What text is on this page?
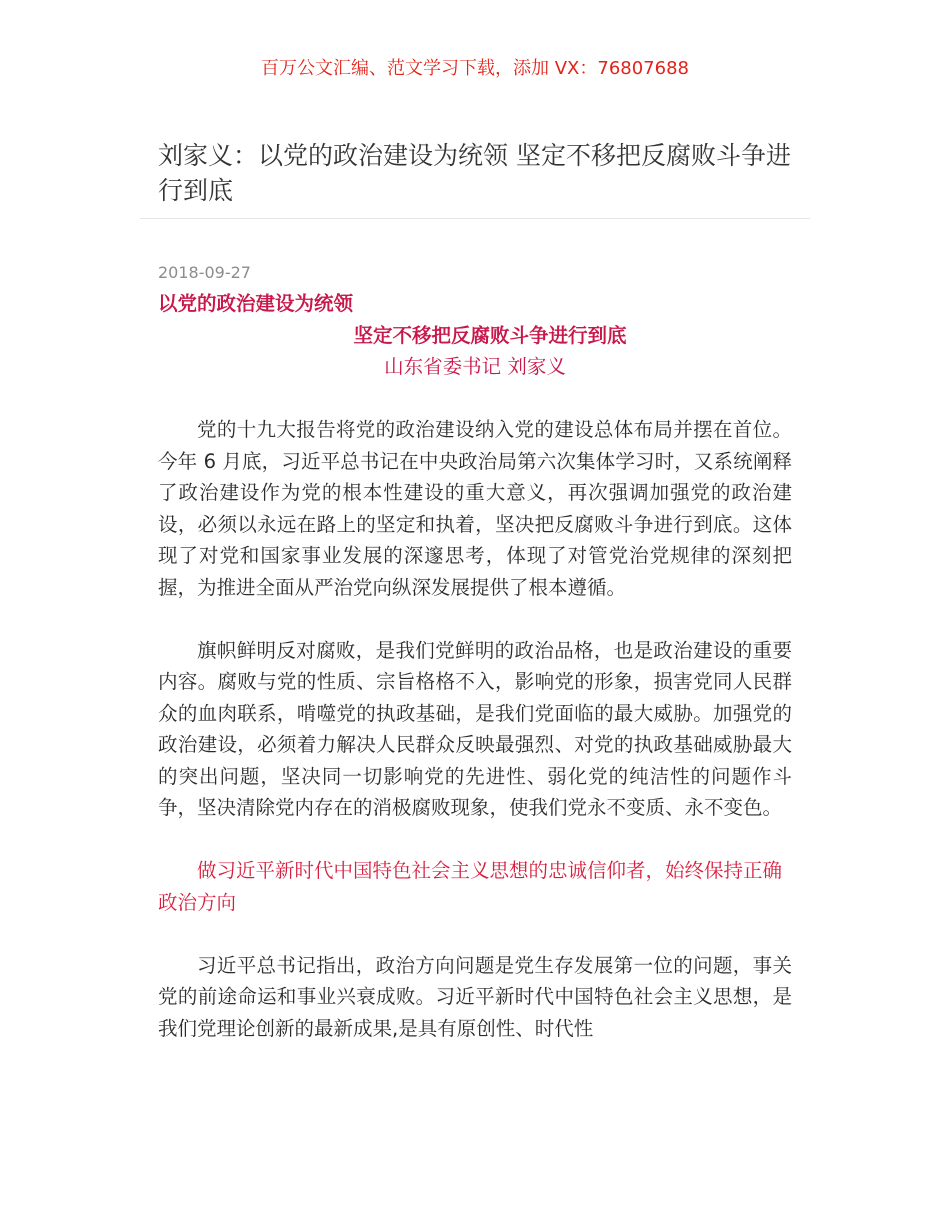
百万公文汇编、范文学习下载，添加 VX：76807688
刘家义：以党的政治建设为统领 坚定不移把反腐败斗争进行到底
2018-09-27

以党的政治建设为统领

坚定不移把反腐败斗争进行到底

山东省委书记 刘家义

党的十九大报告将党的政治建设纳入党的建设总体布局并摆在首位。今年 6 月底，习近平总书记在中央政治局第六次集体学习时，又系统阐释了政治建设作为党的根本性建设的重大意义，再次强调加强党的政治建设，必须以永远在路上的坚定和执着，坚决把反腐败斗争进行到底。这体现了对党和国家事业发展的深邃思考，体现了对管党治党规律的深刻把握，为推进全面从严治党向纵深发展提供了根本遵循。

旗帜鲜明反对腐败，是我们党鲜明的政治品格，也是政治建设的重要内容。腐败与党的性质、宗旨格格不入，影响党的形象，损害党同人民群众的血肉联系，啃噬党的执政基础，是我们党面临的最大威胁。加强党的政治建设，必须着力解决人民群众反映最强烈、对党的执政基础威胁最大的突出问题，坚决同一切影响党的先进性、弱化党的纯洁性的问题作斗争，坚决清除党内存在的消极腐败现象，使我们党永不变质、永不变色。

做习近平新时代中国特色社会主义思想的忠诚信仰者，始终保持正确政治方向

习近平总书记指出，政治方向问题是党生存发展第一位的问题，事关党的前途命运和事业兴衰成败。习近平新时代中国特色社会主义思想，是我们党理论创新的最新成果,是具有原创性、时代性
